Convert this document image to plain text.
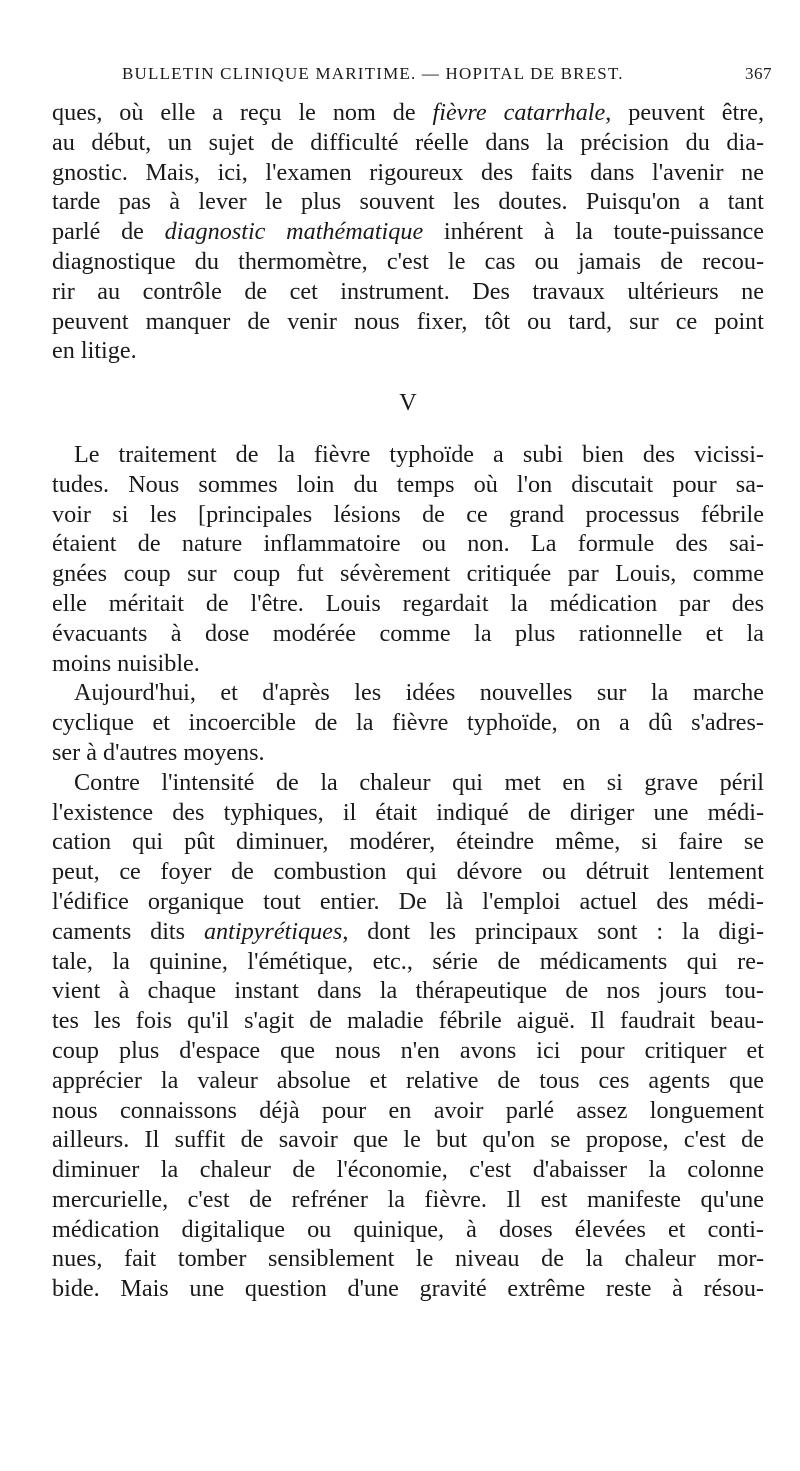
BULLETIN CLINIQUE MARITIME. — HOPITAL DE BREST.	367
ques, où elle a reçu le nom de fièvre catarrhale, peuvent être,
au début, un sujet de difficulté réelle dans la précision du dia-
gnostic. Mais, ici, l'examen rigoureux des faits dans l'avenir ne
tarde pas à lever le plus souvent les doutes. Puisqu'on a tant
parlé de diagnostic mathématique inhérent à la toute-puissance
diagnostique du thermomètre, c'est le cas ou jamais de recou-
rir au contrôle de cet instrument. Des travaux ultérieurs ne
peuvent manquer de venir nous fixer, tôt ou tard, sur ce point
en litige.
V
Le traitement de la fièvre typhoïde a subi bien des vicissi-
tudes. Nous sommes loin du temps où l'on discutait pour sa-
voir si les [principales lésions de ce grand processus fébrile
étaient de nature inflammatoire ou non. La formule des sai-
gnées coup sur coup fut sévèrement critiquée par Louis, comme
elle méritait de l'être. Louis regardait la médication par des
évacuants à dose modérée comme la plus rationnelle et la
moins nuisible.
Aujourd'hui, et d'après les idées nouvelles sur la marche
cyclique et incoercible de la fièvre typhoïde, on a dû s'adres-
ser à d'autres moyens.
Contre l'intensité de la chaleur qui met en si grave péril
l'existence des typhiques, il était indiqué de diriger une médi-
cation qui pût diminuer, modérer, éteindre même, si faire se
peut, ce foyer de combustion qui dévore ou détruit lentement
l'édifice organique tout entier. De là l'emploi actuel des médi-
caments dits antipyrétiques, dont les principaux sont : la digi-
tale, la quinine, l'émétique, etc., série de médicaments qui re-
vient à chaque instant dans la thérapeutique de nos jours tou-
tes les fois qu'il s'agit de maladie fébrile aiguë. Il faudrait beau-
coup plus d'espace que nous n'en avons ici pour critiquer et
apprécier la valeur absolue et relative de tous ces agents que
nous connaissons déjà pour en avoir parlé assez longuement
ailleurs. Il suffit de savoir que le but qu'on se propose, c'est de
diminuer la chaleur de l'économie, c'est d'abaisser la colonne
mercurielle, c'est de refréner la fièvre. Il est manifeste qu'une
médication digitalique ou quinique, à doses élevées et conti-
nues, fait tomber sensiblement le niveau de la chaleur mor-
bide. Mais une question d'une gravité extrême reste à résou-
